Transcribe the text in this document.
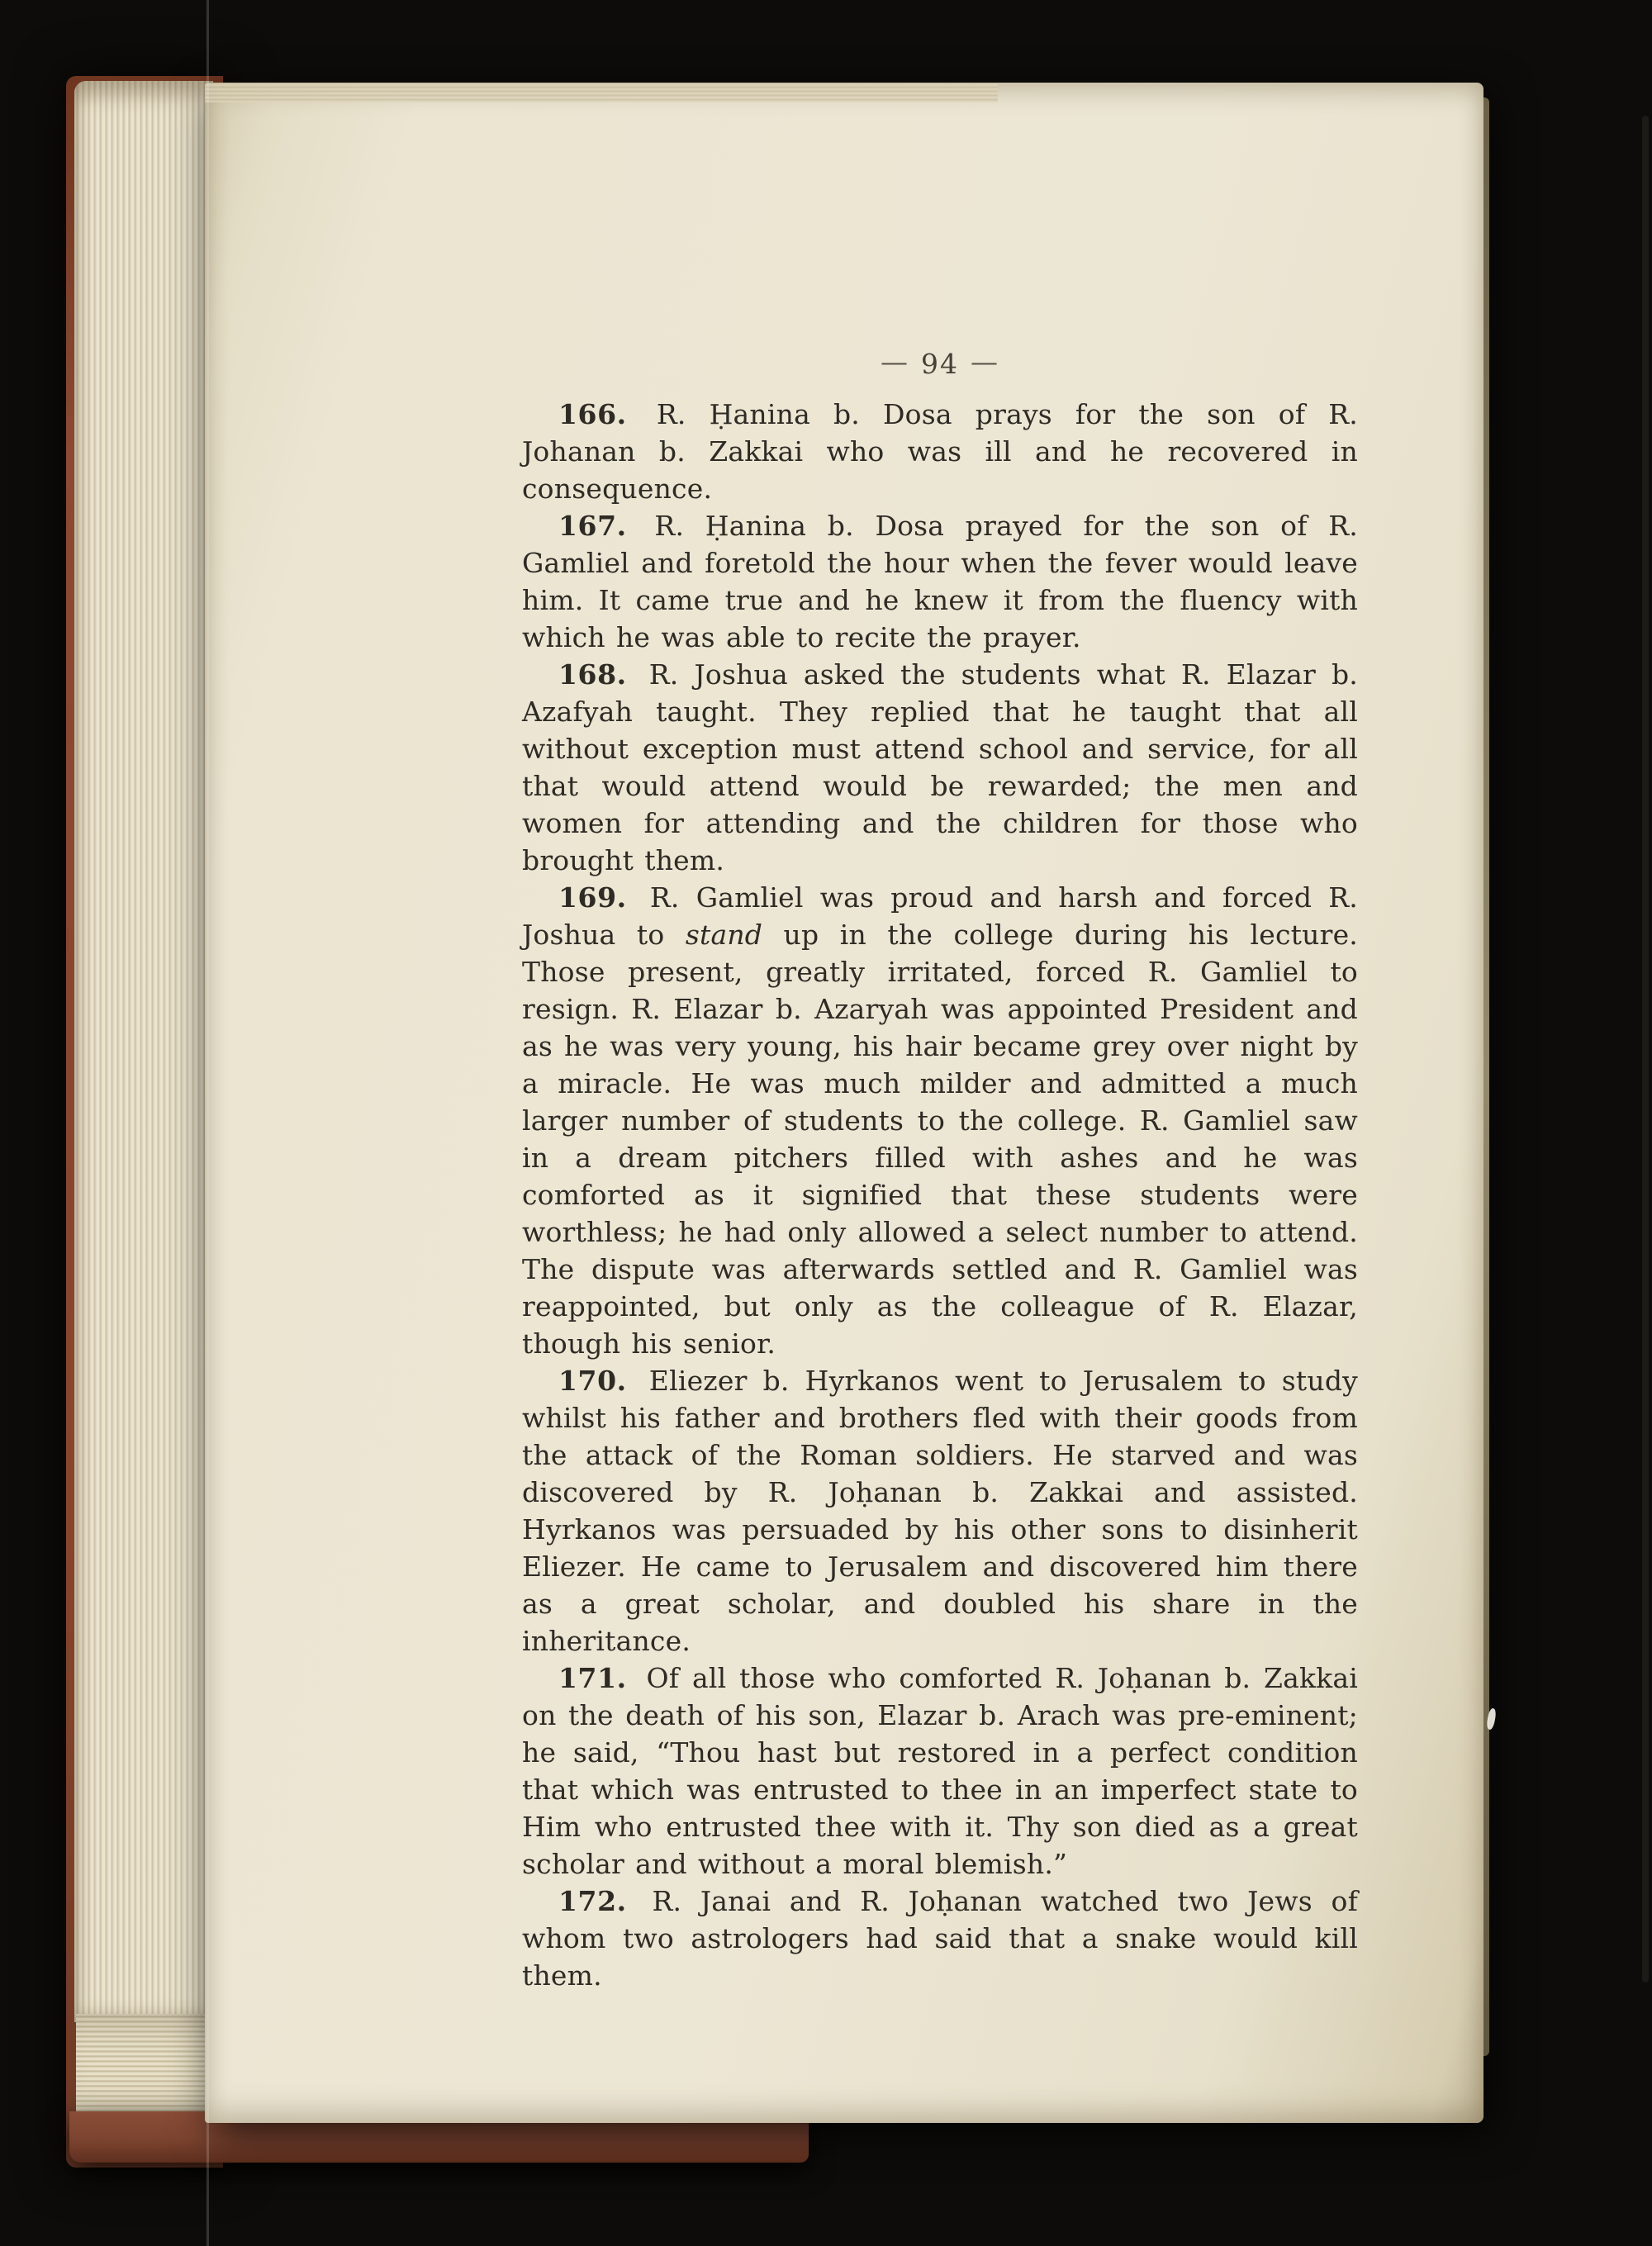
— 94 —

166. R. Ḥanina b. Dosa prays for the son of R. Johanan b. Zakkai who was ill and he recovered in consequence.

167. R. Ḥanina b. Dosa prayed for the son of R. Gamliel and foretold the hour when the fever would leave him. It came true and he knew it from the fluency with which he was able to recite the prayer.

168. R. Joshua asked the students what R. Elazar b. Azafyah taught. They replied that he taught that all without exception must attend school and service, for all that would attend would be rewarded; the men and women for attending and the children for those who brought them.

169. R. Gamliel was proud and harsh and forced R. Joshua to stand up in the college during his lecture. Those present, greatly irritated, forced R. Gamliel to resign. R. Elazar b. Azaryah was appointed President and as he was very young, his hair became grey over night by a miracle. He was much milder and admitted a much larger number of students to the college. R. Gamliel saw in a dream pitchers filled with ashes and he was comforted as it signified that these students were worthless; he had only allowed a select number to attend. The dispute was afterwards settled and R. Gamliel was reappointed, but only as the colleague of R. Elazar, though his senior.

170. Eliezer b. Hyrkanos went to Jerusalem to study whilst his father and brothers fled with their goods from the attack of the Roman soldiers. He starved and was discovered by R. Joḥanan b. Zakkai and assisted. Hyrkanos was persuaded by his other sons to disinherit Eliezer. He came to Jerusalem and discovered him there as a great scholar, and doubled his share in the inheritance.

171. Of all those who comforted R. Joḥanan b. Zakkai on the death of his son, Elazar b. Arach was pre-eminent; he said, “Thou hast but restored in a perfect condition that which was entrusted to thee in an imperfect state to Him who entrusted thee with it. Thy son died as a great scholar and without a moral blemish.”

172. R. Janai and R. Joḥanan watched two Jews of whom two astrologers had said that a snake would kill them.
